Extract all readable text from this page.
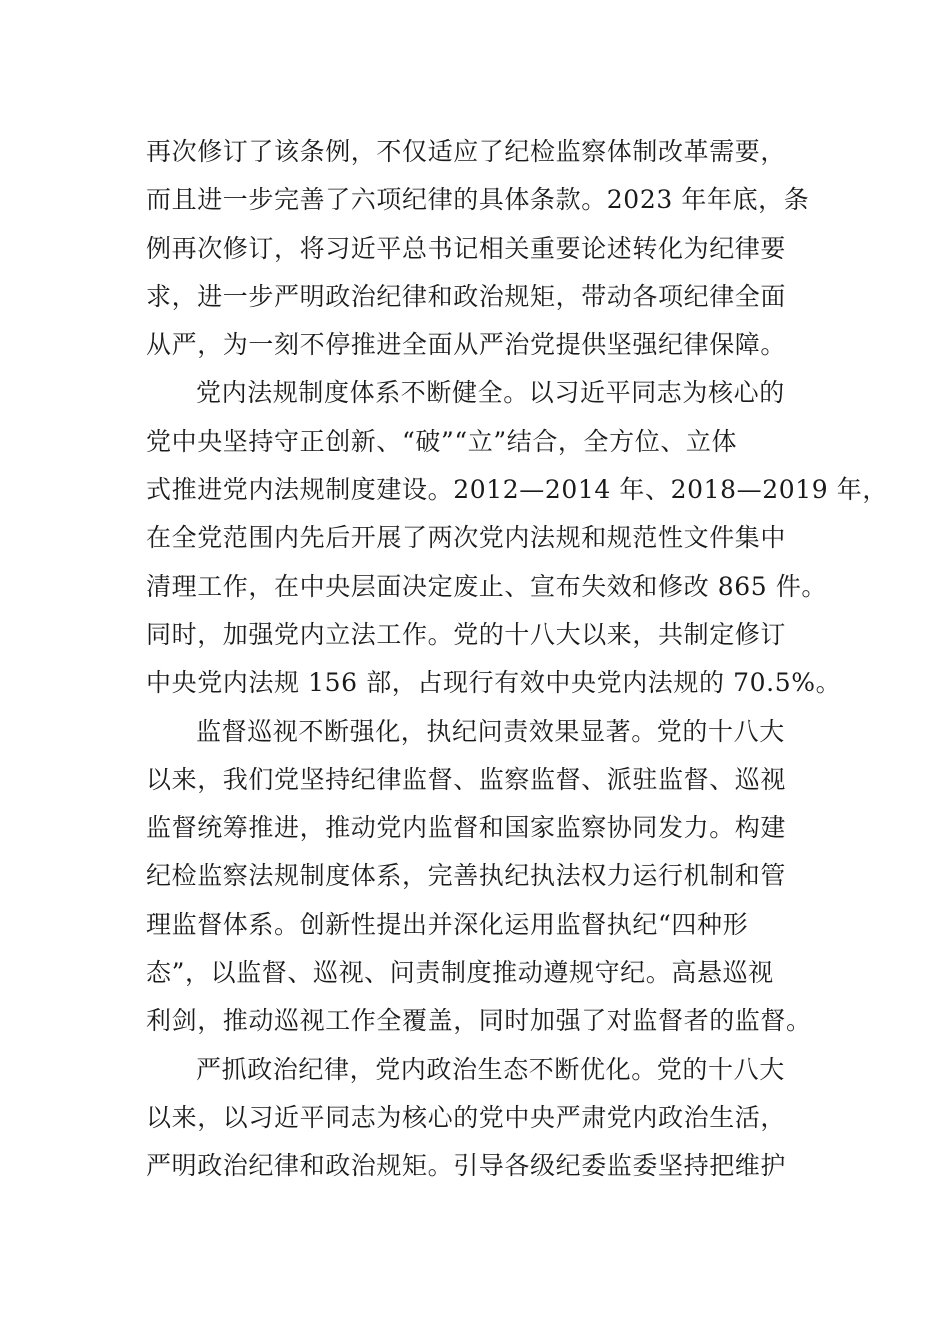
再次修订了该条例，不仅适应了纪检监察体制改革需要，
而且进一步完善了六项纪律的具体条款。2023 年年底，条
例再次修订，将习近平总书记相关重要论述转化为纪律要
求，进一步严明政治纪律和政治规矩，带动各项纪律全面
从严，为一刻不停推进全面从严治党提供坚强纪律保障。
党内法规制度体系不断健全。以习近平同志为核心的
党中央坚持守正创新、“破”“立”结合，全方位、立体
式推进党内法规制度建设。2012—2014 年、2018—2019 年，
在全党范围内先后开展了两次党内法规和规范性文件集中
清理工作，在中央层面决定废止、宣布失效和修改 865 件。
同时，加强党内立法工作。党的十八大以来，共制定修订
中央党内法规 156 部，占现行有效中央党内法规的 70.5%。
监督巡视不断强化，执纪问责效果显著。党的十八大
以来，我们党坚持纪律监督、监察监督、派驻监督、巡视
监督统筹推进，推动党内监督和国家监察协同发力。构建
纪检监察法规制度体系，完善执纪执法权力运行机制和管
理监督体系。创新性提出并深化运用监督执纪“四种形
态”，以监督、巡视、问责制度推动遵规守纪。高悬巡视
利剑，推动巡视工作全覆盖，同时加强了对监督者的监督。
严抓政治纪律，党内政治生态不断优化。党的十八大
以来，以习近平同志为核心的党中央严肃党内政治生活，
严明政治纪律和政治规矩。引导各级纪委监委坚持把维护
